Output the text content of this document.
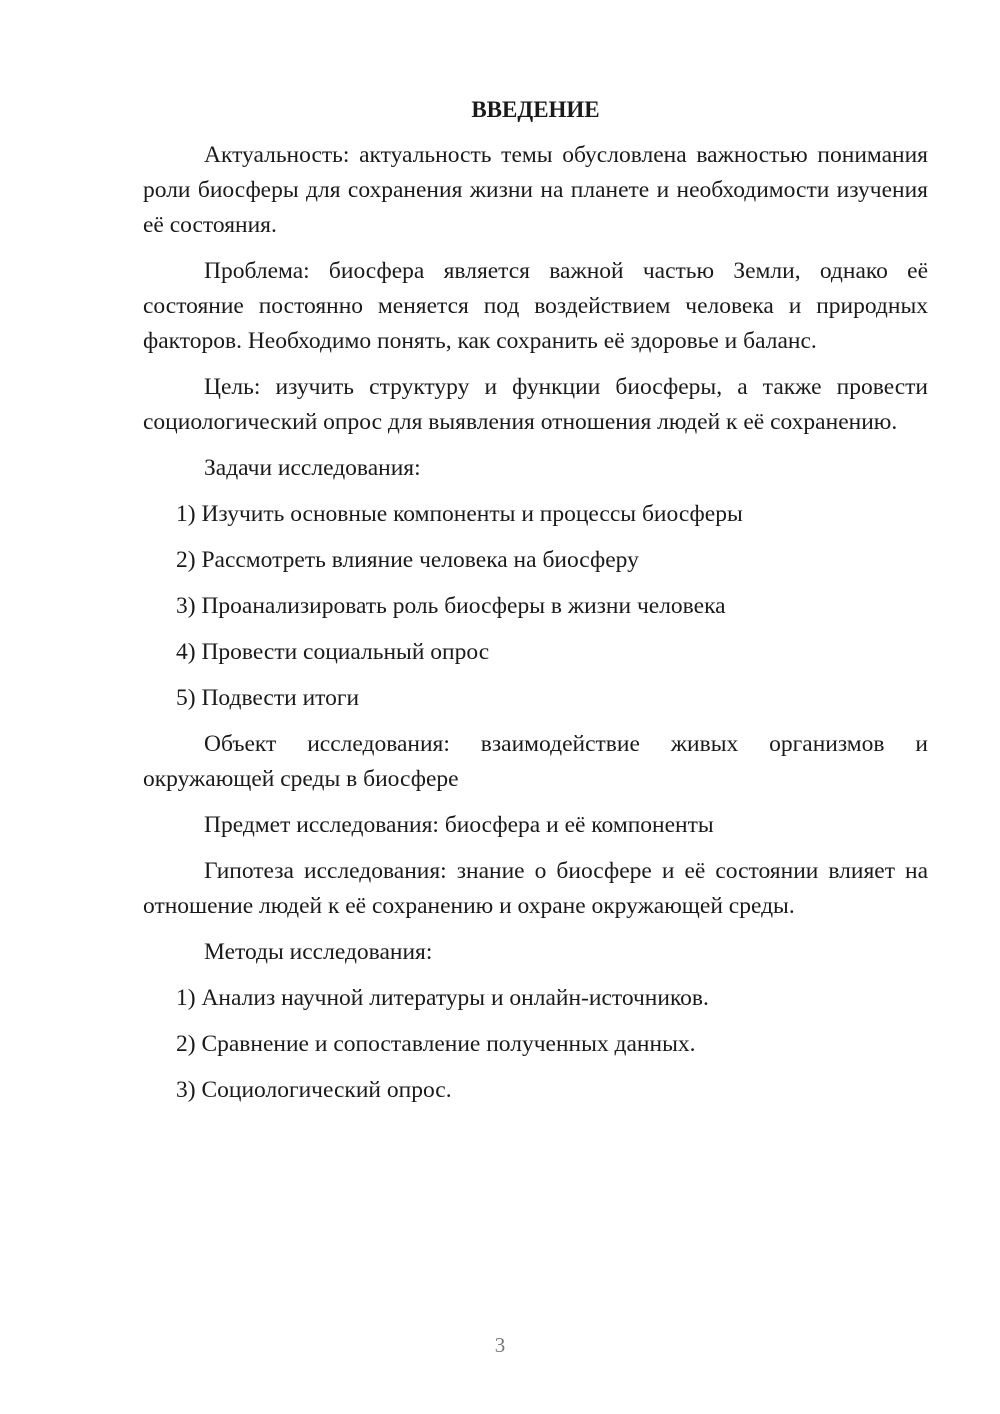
ВВЕДЕНИЕ
Актуальность: актуальность темы обусловлена важностью понимания роли биосферы для сохранения жизни на планете и необходимости изучения её состояния.
Проблема: биосфера является важной частью Земли, однако её состояние постоянно меняется под воздействием человека и природных факторов. Необходимо понять, как сохранить её здоровье и баланс.
Цель: изучить структуру и функции биосферы, а также провести социологический опрос для выявления отношения людей к её сохранению.
Задачи исследования:
1) Изучить основные компоненты и процессы биосферы
2) Рассмотреть влияние человека на биосферу
3) Проанализировать роль биосферы в жизни человека
4) Провести социальный опрос
5) Подвести итоги
Объект исследования: взаимодействие живых организмов и окружающей среды в биосфере
Предмет исследования: биосфера и её компоненты
Гипотеза исследования: знание о биосфере и её состоянии влияет на отношение людей к её сохранению и охране окружающей среды.
Методы исследования:
1) Анализ научной литературы и онлайн-источников.
2) Сравнение и сопоставление полученных данных.
3) Социологический опрос.
3
